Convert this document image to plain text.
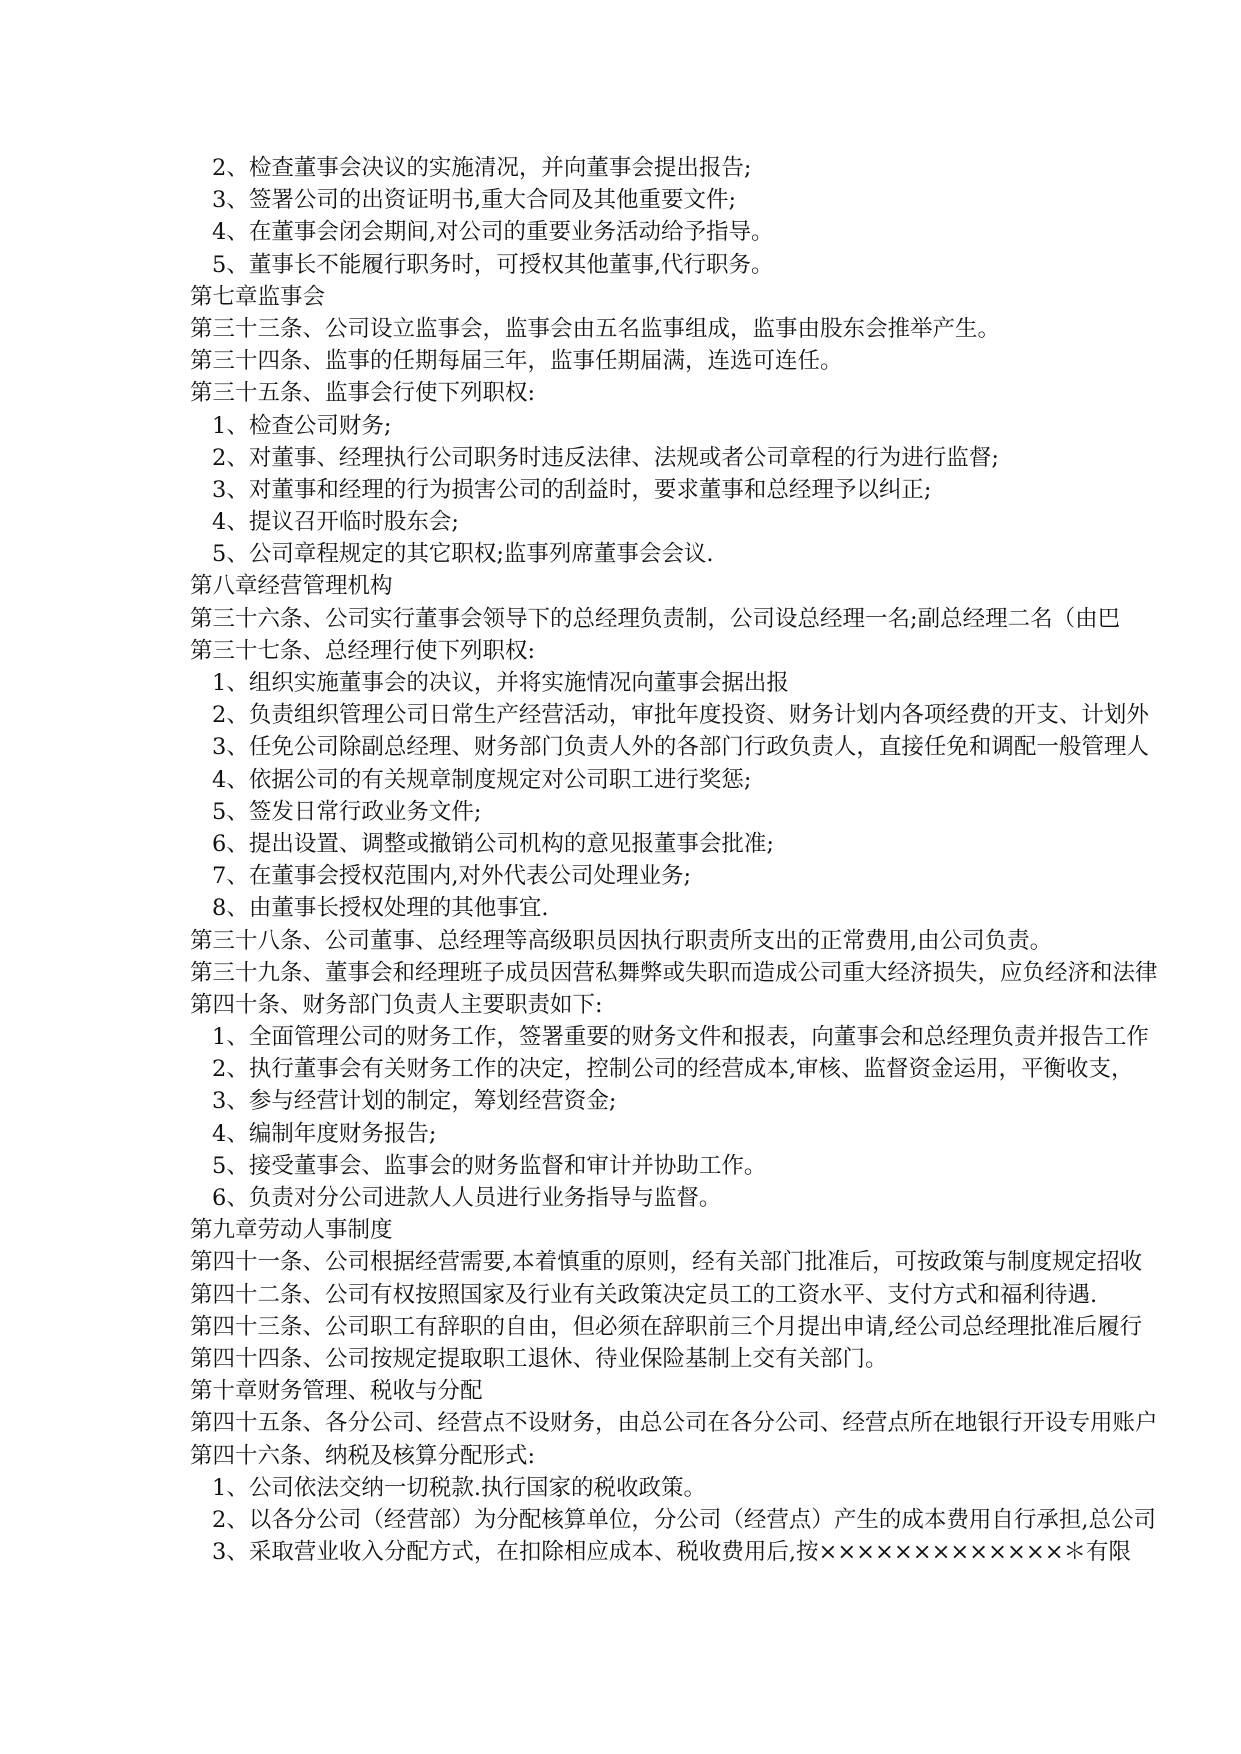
2、检查董事会决议的实施清况，并向董事会提出报告;
3、签署公司的出资证明书,重大合同及其他重要文件;
4、在董事会闭会期间,对公司的重要业务活动给予指导。
5、董事长不能履行职务时，可授权其他董事,代行职务。
第七章监事会
第三十三条、公司设立监事会，监事会由五名监事组成，监事由股东会推举产生。
第三十四条、监事的任期每届三年，监事任期届满，连选可连任。
第三十五条、监事会行使下列职权:
1、检查公司财务;
2、对董事、经理执行公司职务时违反法律、法规或者公司章程的行为进行监督;
3、对董事和经理的行为损害公司的刮益时，要求董事和总经理予以纠正;
4、提议召开临时股东会;
5、公司章程规定的其它职权;监事列席董事会会议.
第八章经营管理机构
第三十六条、公司实行董事会领导下的总经理负责制，公司设总经理一名;副总经理二名（由巴
第三十七条、总经理行使下列职权:
1、组织实施董事会的决议，并将实施情况向董事会据出报
2、负责组织管理公司日常生产经营活动，审批年度投资、财务计划内各项经费的开支、计划外
3、任免公司除副总经理、财务部门负责人外的各部门行政负责人，直接任免和调配一般管理人
4、依据公司的有关规章制度规定对公司职工进行奖惩;
5、签发日常行政业务文件;
6、提出设置、调整或撤销公司机构的意见报董事会批准;
7、在董事会授权范围内,对外代表公司处理业务;
8、由董事长授权处理的其他事宜.
第三十八条、公司董事、总经理等高级职员因执行职责所支出的正常费用,由公司负责。
第三十九条、董事会和经理班子成员因营私舞弊或失职而造成公司重大经济损失，应负经济和法律
第四十条、财务部门负责人主要职责如下:
1、全面管理公司的财务工作，签署重要的财务文件和报表，向董事会和总经理负责并报告工作
2、执行董事会有关财务工作的决定，控制公司的经营成本,审核、监督资金运用，平衡收支，
3、参与经营计划的制定，筹划经营资金;
4、编制年度财务报告;
5、接受董事会、监事会的财务监督和审计并协助工作。
6、负责对分公司进款人人员进行业务指导与监督。
第九章劳动人事制度
第四十一条、公司根据经营需要,本着慎重的原则，经有关部门批准后，可按政策与制度规定招收
第四十二条、公司有权按照国家及行业有关政策决定员工的工资水平、支付方式和福利待遇.
第四十三条、公司职工有辞职的自由，但必须在辞职前三个月提出申请,经公司总经理批准后履行
第四十四条、公司按规定提取职工退休、待业保险基制上交有关部门。
第十章财务管理、税收与分配
第四十五条、各分公司、经营点不设财务，由总公司在各分公司、经营点所在地银行开设专用账户
第四十六条、纳税及核算分配形式:
1、公司依法交纳一切税款.执行国家的税收政策。
2、以各分公司（经营部）为分配核算单位，分公司（经营点）产生的成本费用自行承担,总公司
3、采取营业收入分配方式，在扣除相应成本、税收费用后,按×××××××××××××＊有限
